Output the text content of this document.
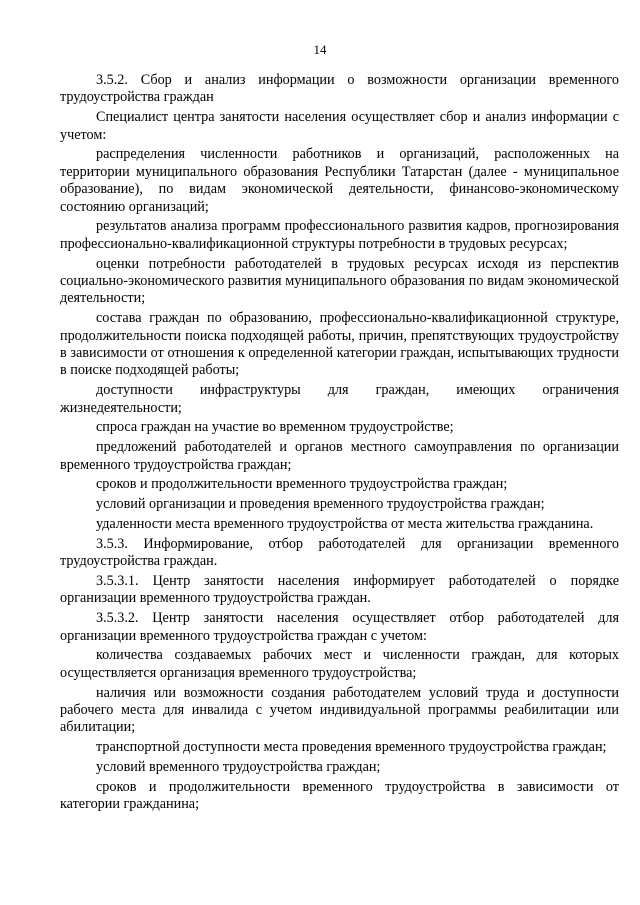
14

3.5.2. Сбор и анализ информации о возможности организации временного трудоустройства граждан

Специалист центра занятости населения осуществляет сбор и анализ информации с учетом:

распределения численности работников и организаций, расположенных на территории муниципального образования Республики Татарстан (далее - муниципальное образование), по видам экономической деятельности, финансово-экономическому состоянию организаций;

результатов анализа программ профессионального развития кадров, прогнозирования профессионально-квалификационной структуры потребности в трудовых ресурсах;

оценки потребности работодателей в трудовых ресурсах исходя из перспектив социально-экономического развития муниципального образования по видам экономической деятельности;

состава граждан по образованию, профессионально-квалификационной структуре, продолжительности поиска подходящей работы, причин, препятствующих трудоустройству в зависимости от отношения к определенной категории граждан, испытывающих трудности в поиске подходящей работы;

доступности инфраструктуры для граждан, имеющих ограничения жизнедеятельности;

спроса граждан на участие во временном трудоустройстве;

предложений работодателей и органов местного самоуправления по организации временного трудоустройства граждан;

сроков и продолжительности временного трудоустройства граждан;

условий организации и проведения временного трудоустройства граждан;

удаленности места временного трудоустройства от места жительства гражданина.

3.5.3. Информирование, отбор работодателей для организации временного трудоустройства граждан.

3.5.3.1. Центр занятости населения информирует работодателей о порядке организации временного трудоустройства граждан.

3.5.3.2. Центр занятости населения осуществляет отбор работодателей для организации временного трудоустройства граждан с учетом:

количества создаваемых рабочих мест и численности граждан, для которых осуществляется организация временного трудоустройства;

наличия или возможности создания работодателем условий труда и доступности рабочего места для инвалида с учетом индивидуальной программы реабилитации или абилитации;

транспортной доступности места проведения временного трудоустройства граждан;

условий временного трудоустройства граждан;

сроков и продолжительности временного трудоустройства в зависимости от категории гражданина;
